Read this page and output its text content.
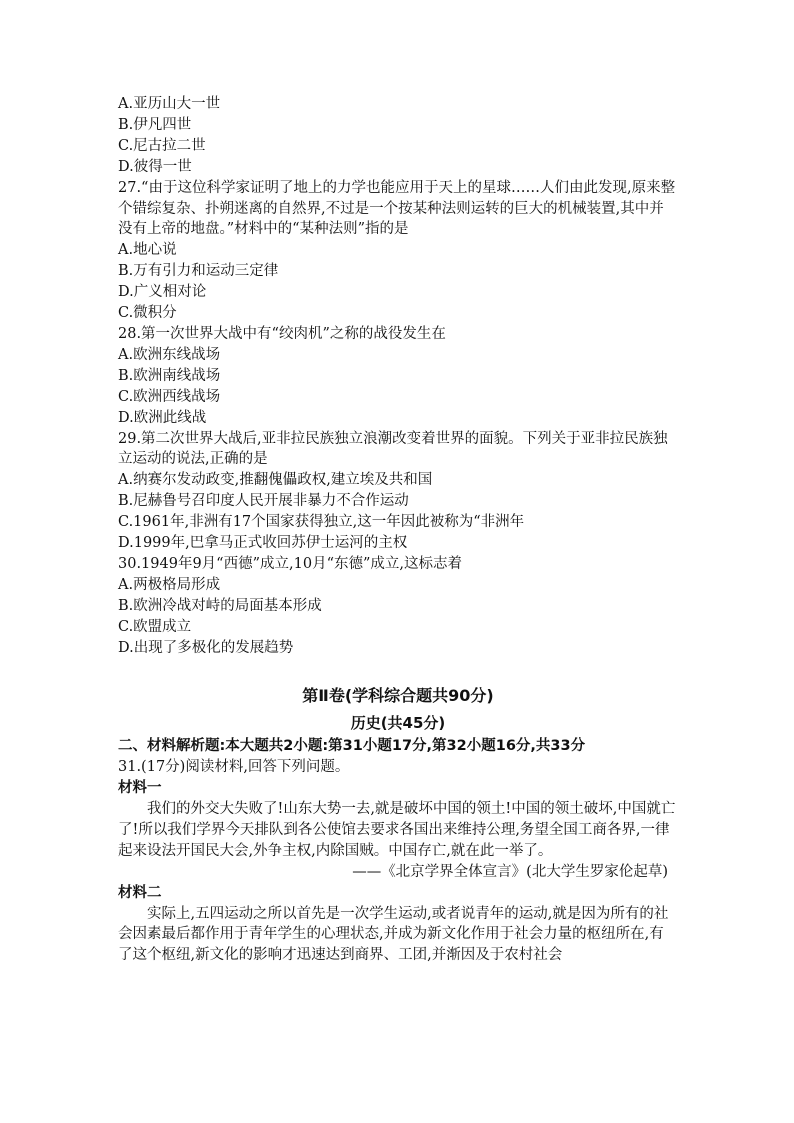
A.亚历山大一世
B.伊凡四世
C.尼古拉二世
D.彼得一世
27.“由于这位科学家证明了地上的力学也能应用于天上的星球……人们由此发现,原来整个错综复杂、扑朔迷离的自然界,不过是一个按某种法则运转的巨大的机械装置,其中并没有上帝的地盘。”材料中的“某种法则”指的是
A.地心说
B.万有引力和运动三定律
D.广义相对论
C.微积分
28.第一次世界大战中有“绞肉机”之称的战役发生在
A.欧洲东线战场
B.欧洲南线战场
C.欧洲西线战场
D.欧洲此线战
29.第二次世界大战后,亚非拉民族独立浪潮改变着世界的面貌。下列关于亚非拉民族独立运动的说法,正确的是
A.纳赛尔发动政变,推翻傀儡政权,建立埃及共和国
B.尼赫鲁号召印度人民开展非暴力不合作运动
C.1961年,非洲有17个国家获得独立,这一年因此被称为“非洲年
D.1999年,巴拿马正式收回苏伊士运河的主权
30.1949年9月“西德”成立,10月“东德”成立,这标志着
A.两极格局形成
B.欧洲冷战对峙的局面基本形成
C.欧盟成立
D.出现了多极化的发展趋势
第Ⅱ卷(学科综合题共90分)
历史(共45分)
二、材料解析题:本大题共2小题:第31小题17分,第32小题16分,共33分
31.(17分)阅读材料,回答下列问题。
材料一
我们的外交大失败了!山东大势一去,就是破坏中国的领土!中国的领土破坏,中国就亡了!所以我们学界今天排队到各公使馆去要求各国出来维持公理,务望全国工商各界,一律起来设法开国民大会,外争主权,内除国贼。中国存亡,就在此一举了。
——《北京学界全体宣言》(北大学生罗家伦起草)
材料二
实际上,五四运动之所以首先是一次学生运动,或者说青年的运动,就是因为所有的社会因素最后都作用于青年学生的心理状态,并成为新文化作用于社会力量的枢纽所在,有了这个枢纽,新文化的影响才迅速达到商界、工团,并渐因及于农村社会
